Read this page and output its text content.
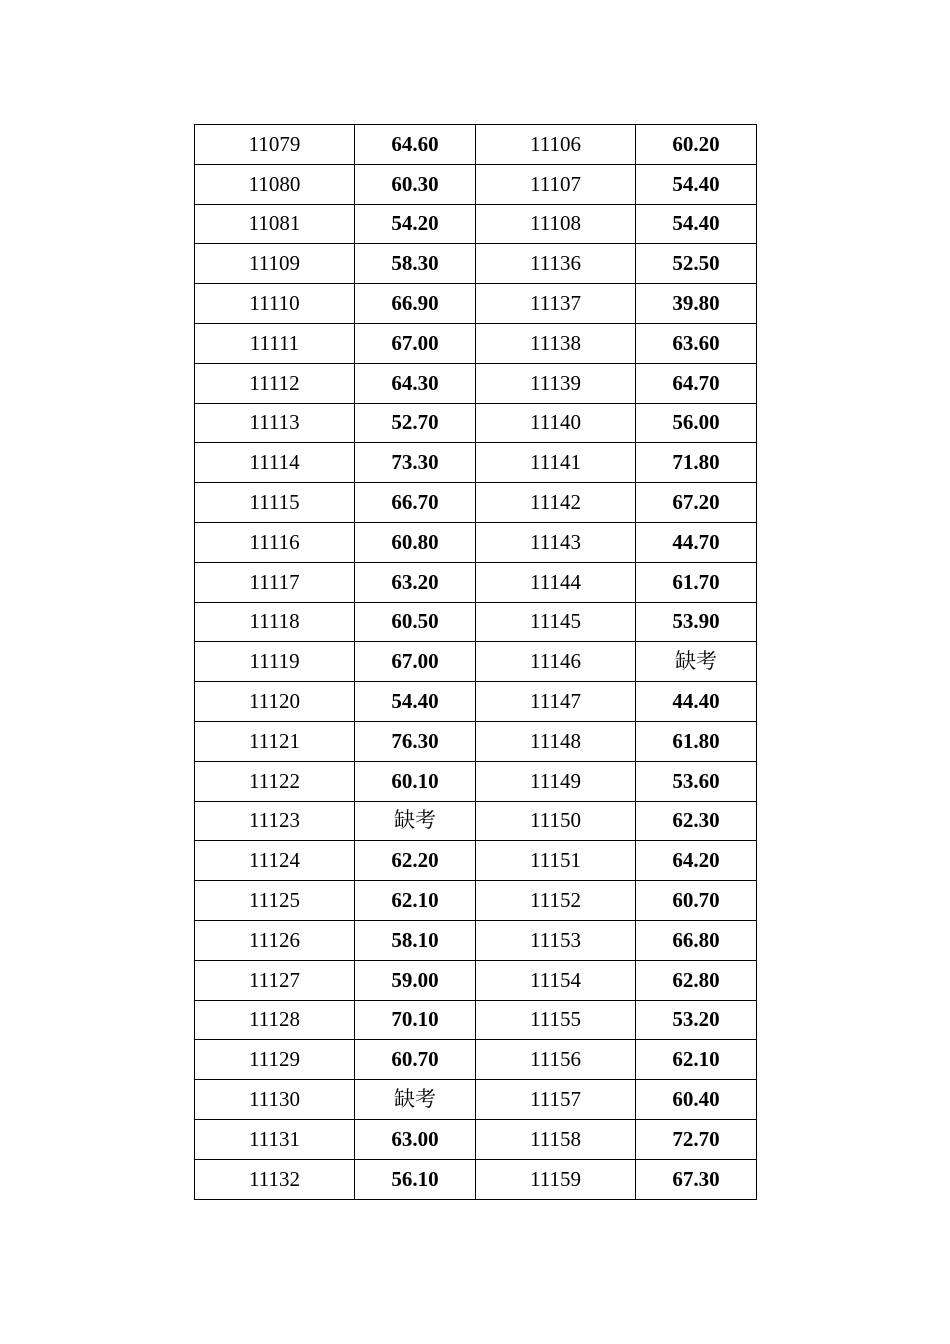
11079	64.60	11106	60.20
11080	60.30	11107	54.40
11081	54.20	11108	54.40
11109	58.30	11136	52.50
11110	66.90	11137	39.80
11111	67.00	11138	63.60
11112	64.30	11139	64.70
11113	52.70	11140	56.00
11114	73.30	11141	71.80
11115	66.70	11142	67.20
11116	60.80	11143	44.70
11117	63.20	11144	61.70
11118	60.50	11145	53.90
11119	67.00	11146	缺考
11120	54.40	11147	44.40
11121	76.30	11148	61.80
11122	60.10	11149	53.60
11123	缺考	11150	62.30
11124	62.20	11151	64.20
11125	62.10	11152	60.70
11126	58.10	11153	66.80
11127	59.00	11154	62.80
11128	70.10	11155	53.20
11129	60.70	11156	62.10
11130	缺考	11157	60.40
11131	63.00	11158	72.70
11132	56.10	11159	67.30
